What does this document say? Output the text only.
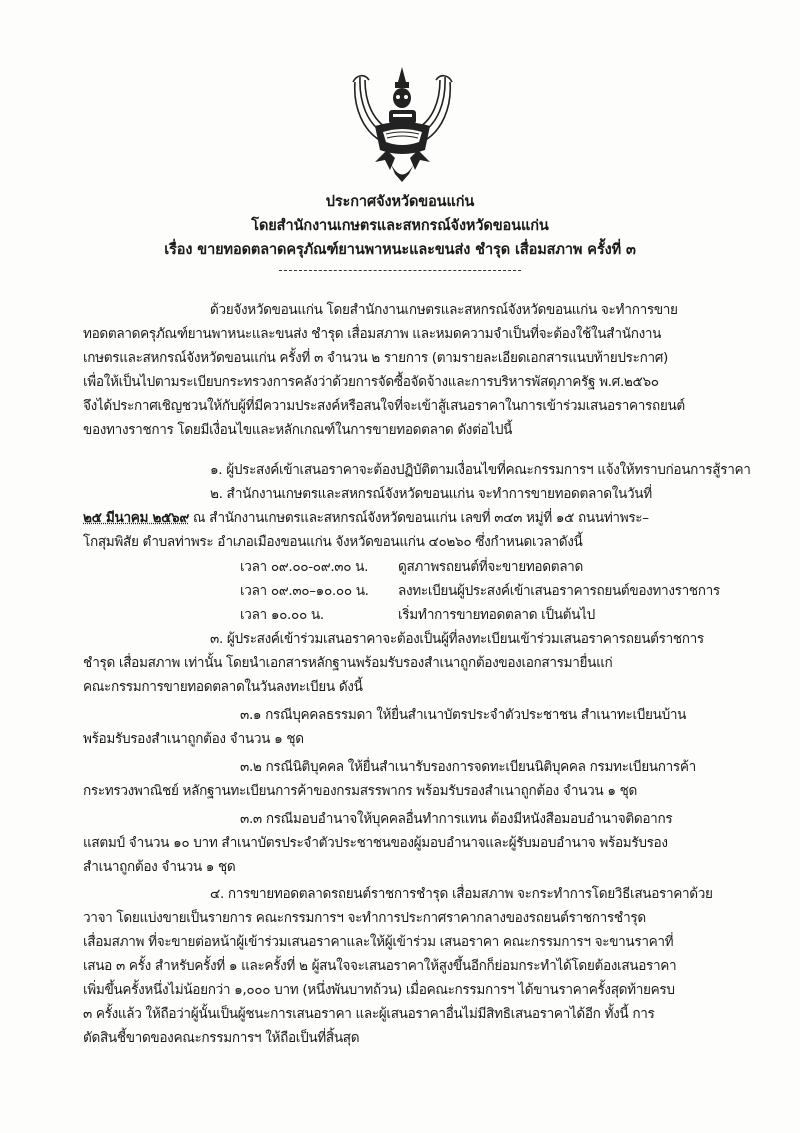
ประกาศจังหวัดขอนแก่น
โดยสำนักงานเกษตรและสหกรณ์จังหวัดขอนแก่น
เรื่อง ขายทอดตลาดครุภัณฑ์ยานพาหนะและขนส่ง ชำรุด เสื่อมสภาพ ครั้งที่ ๓
ด้วยจังหวัดขอนแก่น โดยสำนักงานเกษตรและสหกรณ์จังหวัดขอนแก่น จะทำการขาย
ทอดตลาดครุภัณฑ์ยานพาหนะและขนส่ง ชำรุด เสื่อมสภาพ และหมดความจำเป็นที่จะต้องใช้ในสำนักงาน
เกษตรและสหกรณ์จังหวัดขอนแก่น ครั้งที่ ๓ จำนวน ๒ รายการ (ตามรายละเอียดเอกสารแนบท้ายประกาศ)
เพื่อให้เป็นไปตามระเบียบกระทรวงการคลังว่าด้วยการจัดซื้อจัดจ้างและการบริหารพัสดุภาครัฐ พ.ศ.๒๕๖๐
จึงได้ประกาศเชิญชวนให้กับผู้ที่มีความประสงค์หรือสนใจที่จะเข้าสู้เสนอราคาในการเข้าร่วมเสนอราคารถยนต์
ของทางราชการ โดยมีเงื่อนไขและหลักเกณฑ์ในการขายทอดตลาด ดังต่อไปนี้
๑. ผู้ประสงค์เข้าเสนอราคาจะต้องปฏิบัติตามเงื่อนไขที่คณะกรรมการฯ แจ้งให้ทราบก่อนการสู้ราคา
๒. สำนักงานเกษตรและสหกรณ์จังหวัดขอนแก่น จะทำการขายทอดตลาดในวันที่
๒๕ มีนาคม ๒๕๖๙ ณ สำนักงานเกษตรและสหกรณ์จังหวัดขอนแก่น เลขที่ ๓๔๓ หมู่ที่ ๑๕ ถนนท่าพระ–
โกสุมพิสัย ตำบลท่าพระ อำเภอเมืองขอนแก่น จังหวัดขอนแก่น ๔๐๒๖๐ ซึ่งกำหนดเวลาดังนี้
เวลา ๐๙.๐๐-๐๙.๓๐ น. ดูสภาพรถยนต์ที่จะขายทอดตลาด
เวลา ๐๙.๓๐–๑๐.๐๐ น. ลงทะเบียนผู้ประสงค์เข้าเสนอราคารถยนต์ของทางราชการ
เวลา ๑๐.๐๐ น.	เริ่มทำการขายทอดตลาด เป็นต้นไป
๓. ผู้ประสงค์เข้าร่วมเสนอราคาจะต้องเป็นผู้ที่ลงทะเบียนเข้าร่วมเสนอราคารถยนต์ราชการ
ชำรุด เสื่อมสภาพ เท่านั้น โดยนำเอกสารหลักฐานพร้อมรับรองสำเนาถูกต้องของเอกสารมายื่นแก่
คณะกรรมการขายทอดตลาดในวันลงทะเบียน ดังนี้
๓.๑ กรณีบุคคลธรรมดา ให้ยื่นสำเนาบัตรประจำตัวประชาชน สำเนาทะเบียนบ้าน
พร้อมรับรองสำเนาถูกต้อง จำนวน ๑ ชุด
๓.๒ กรณีนิติบุคคล ให้ยื่นสำเนารับรองการจดทะเบียนนิติบุคคล กรมทะเบียนการค้า
กระทรวงพาณิชย์ หลักฐานทะเบียนการค้าของกรมสรรพากร พร้อมรับรองสำเนาถูกต้อง จำนวน ๑ ชุด
๓.๓ กรณีมอบอำนาจให้บุคคลอื่นทำการแทน ต้องมีหนังสือมอบอำนาจติดอากร
แสตมป์ จำนวน ๑๐ บาท สำเนาบัตรประจำตัวประชาชนของผู้มอบอำนาจและผู้รับมอบอำนาจ พร้อมรับรอง
สำเนาถูกต้อง จำนวน ๑ ชุด
๔. การขายทอดตลาดรถยนต์ราชการชำรุด เสื่อมสภาพ จะกระทำการโดยวิธีเสนอราคาด้วย
วาจา โดยแบ่งขายเป็นรายการ คณะกรรมการฯ จะทำการประกาศราคากลางของรถยนต์ราชการชำรุด
เสื่อมสภาพ ที่จะขายต่อหน้าผู้เข้าร่วมเสนอราคาและให้ผู้เข้าร่วม เสนอราคา คณะกรรมการฯ จะขานราคาที่
เสนอ ๓ ครั้ง สำหรับครั้งที่ ๑ และครั้งที่ ๒ ผู้สนใจจะเสนอราคาให้สูงขึ้นอีกก็ย่อมกระทำได้โดยต้องเสนอราคา
เพิ่มขึ้นครั้งหนึ่งไม่น้อยกว่า ๑,๐๐๐ บาท (หนึ่งพันบาทถ้วน) เมื่อคณะกรรมการฯ ได้ขานราคาครั้งสุดท้ายครบ
๓ ครั้งแล้ว ให้ถือว่าผู้นั้นเป็นผู้ชนะการเสนอราคา และผู้เสนอราคาอื่นไม่มีสิทธิเสนอราคาได้อีก ทั้งนี้ การ
ตัดสินชี้ขาดของคณะกรรมการฯ ให้ถือเป็นที่สิ้นสุด
